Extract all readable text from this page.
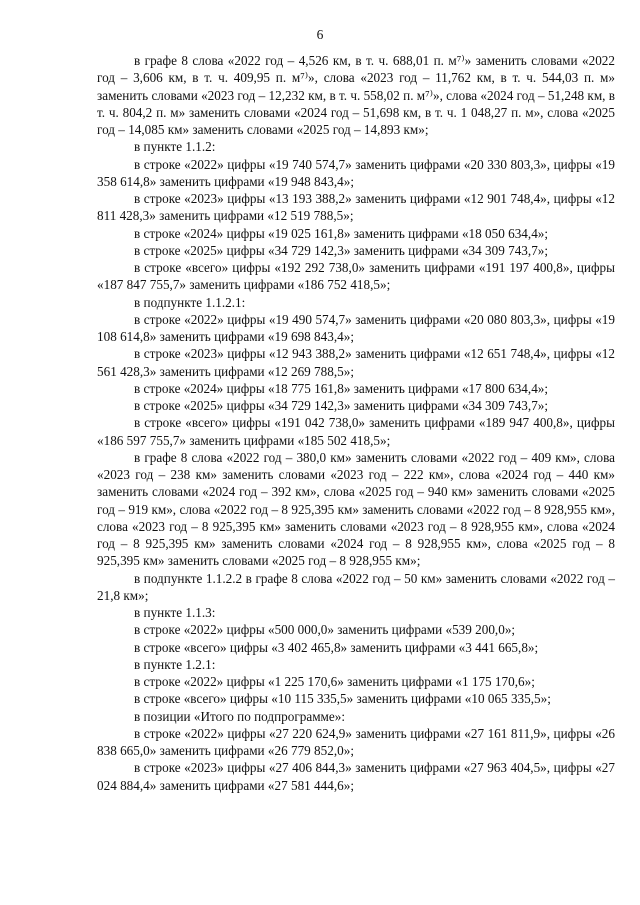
6

в графе 8 слова «2022 год – 4,526 км, в т. ч. 688,01 п. м⁷⁾» заменить словами «2022 год – 3,606 км, в т. ч. 409,95 п. м⁷⁾», слова «2023 год – 11,762 км, в т. ч. 544,03 п. м» заменить словами «2023 год – 12,232 км, в т. ч. 558,02 п. м⁷⁾», слова «2024 год – 51,248 км, в т. ч. 804,2 п. м» заменить словами «2024 год – 51,698 км, в т. ч. 1 048,27 п. м», слова «2025 год – 14,085 км» заменить словами «2025 год – 14,893 км»;

в пункте 1.1.2:

в строке «2022» цифры «19 740 574,7» заменить цифрами «20 330 803,3», цифры «19 358 614,8» заменить цифрами «19 948 843,4»;

в строке «2023» цифры «13 193 388,2» заменить цифрами «12 901 748,4», цифры «12 811 428,3» заменить цифрами «12 519 788,5»;

в строке «2024» цифры «19 025 161,8» заменить цифрами «18 050 634,4»;

в строке «2025» цифры «34 729 142,3» заменить цифрами «34 309 743,7»;

в строке «всего» цифры «192 292 738,0» заменить цифрами «191 197 400,8», цифры «187 847 755,7» заменить цифрами «186 752 418,5»;

в подпункте 1.1.2.1:

в строке «2022» цифры «19 490 574,7» заменить цифрами «20 080 803,3», цифры «19 108 614,8» заменить цифрами «19 698 843,4»;

в строке «2023» цифры «12 943 388,2» заменить цифрами «12 651 748,4», цифры «12 561 428,3» заменить цифрами «12 269 788,5»;

в строке «2024» цифры «18 775 161,8» заменить цифрами «17 800 634,4»;

в строке «2025» цифры «34 729 142,3» заменить цифрами «34 309 743,7»;

в строке «всего» цифры «191 042 738,0» заменить цифрами «189 947 400,8», цифры «186 597 755,7» заменить цифрами «185 502 418,5»;

в графе 8 слова «2022 год – 380,0 км» заменить словами «2022 год – 409 км», слова «2023 год – 238 км» заменить словами «2023 год – 222 км», слова «2024 год – 440 км» заменить словами «2024 год – 392 км», слова «2025 год – 940 км» заменить словами «2025 год – 919 км», слова «2022 год – 8 925,395 км» заменить словами «2022 год – 8 928,955 км», слова «2023 год – 8 925,395 км» заменить словами «2023 год – 8 928,955 км», слова «2024 год – 8 925,395 км» заменить словами «2024 год – 8 928,955 км», слова «2025 год – 8 925,395 км» заменить словами «2025 год – 8 928,955 км»;

в подпункте 1.1.2.2 в графе 8 слова «2022 год – 50 км» заменить словами «2022 год – 21,8 км»;

в пункте 1.1.3:

в строке «2022» цифры «500 000,0» заменить цифрами «539 200,0»;

в строке «всего» цифры «3 402 465,8» заменить цифрами «3 441 665,8»;

в пункте 1.2.1:

в строке «2022» цифры «1 225 170,6» заменить цифрами «1 175 170,6»;

в строке «всего» цифры «10 115 335,5» заменить цифрами «10 065 335,5»;

в позиции «Итого по подпрограмме»:

в строке «2022» цифры «27 220 624,9» заменить цифрами «27 161 811,9», цифры «26 838 665,0» заменить цифрами «26 779 852,0»;

в строке «2023» цифры «27 406 844,3» заменить цифрами «27 963 404,5», цифры «27 024 884,4» заменить цифрами «27 581 444,6»;
